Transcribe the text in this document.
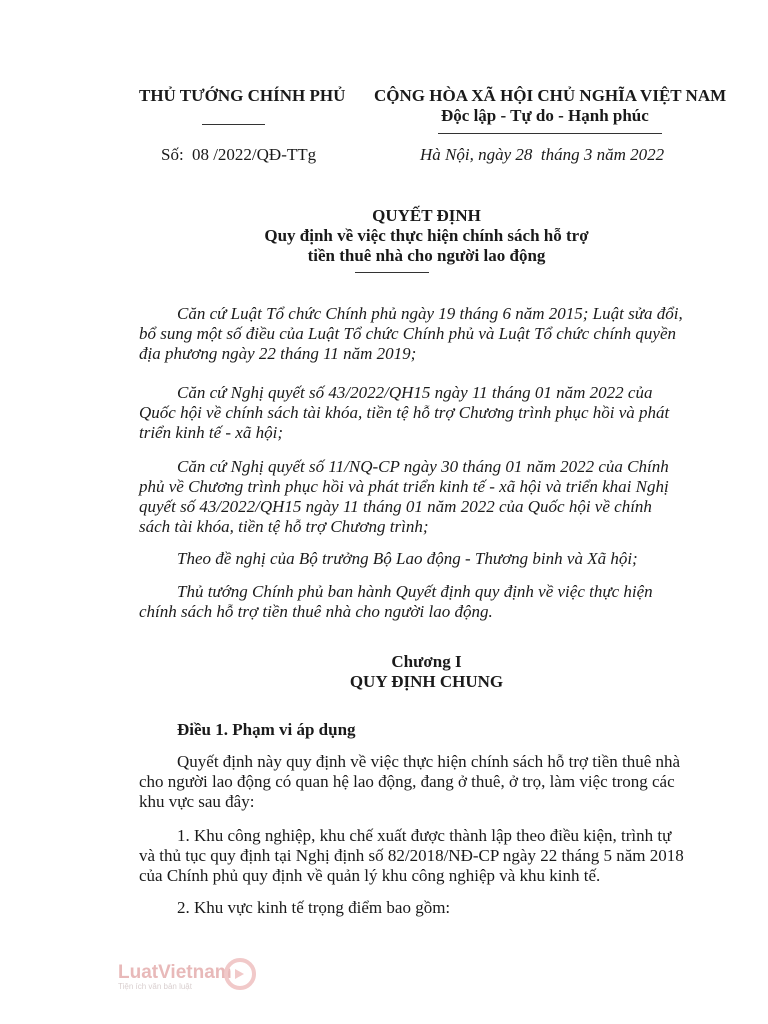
THỦ TƯỚNG CHÍNH PHỦ CỘNG HÒA XÃ HỘI CHỦ NGHĨA VIỆT NAM
Độc lập - Tự do - Hạnh phúc
Số: 08 /2022/QĐ-TTg	Hà Nội, ngày 28  tháng 3 năm 2022
QUYẾT ĐỊNH
Quy định về việc thực hiện chính sách hỗ trợ
tiền thuê nhà cho người lao động
Căn cứ Luật Tổ chức Chính phủ ngày 19 tháng 6 năm 2015; Luật sửa đổi,
bổ sung một số điều của Luật Tổ chức Chính phủ và Luật Tổ chức chính quyền
địa phương ngày 22 tháng 11 năm 2019;
Căn cứ Nghị quyết số 43/2022/QH15 ngày 11 tháng 01 năm 2022 của
Quốc hội về chính sách tài khóa, tiền tệ hỗ trợ Chương trình phục hồi và phát
triển kinh tế - xã hội;
Căn cứ Nghị quyết số 11/NQ-CP ngày 30 tháng 01 năm 2022 của Chính
phủ về Chương trình phục hồi và phát triển kinh tế - xã hội và triển khai Nghị
quyết số 43/2022/QH15 ngày 11 tháng 01 năm 2022 của Quốc hội về chính
sách tài khóa, tiền tệ hỗ trợ Chương trình;
Theo đề nghị của Bộ trưởng Bộ Lao động - Thương binh và Xã hội;
Thủ tướng Chính phủ ban hành Quyết định quy định về việc thực hiện
chính sách hỗ trợ tiền thuê nhà cho người lao động.
Chương I
QUY ĐỊNH CHUNG
Điều 1. Phạm vi áp dụng
Quyết định này quy định về việc thực hiện chính sách hỗ trợ tiền thuê nhà
cho người lao động có quan hệ lao động, đang ở thuê, ở trọ, làm việc trong các
khu vực sau đây:
1. Khu công nghiệp, khu chế xuất được thành lập theo điều kiện, trình tự
và thủ tục quy định tại Nghị định số 82/2018/NĐ-CP ngày 22 tháng 5 năm 2018
của Chính phủ quy định về quản lý khu công nghiệp và khu kinh tế.
2. Khu vực kinh tế trọng điểm bao gồm:
LuatVietnam
Tiện ích văn bản luật
